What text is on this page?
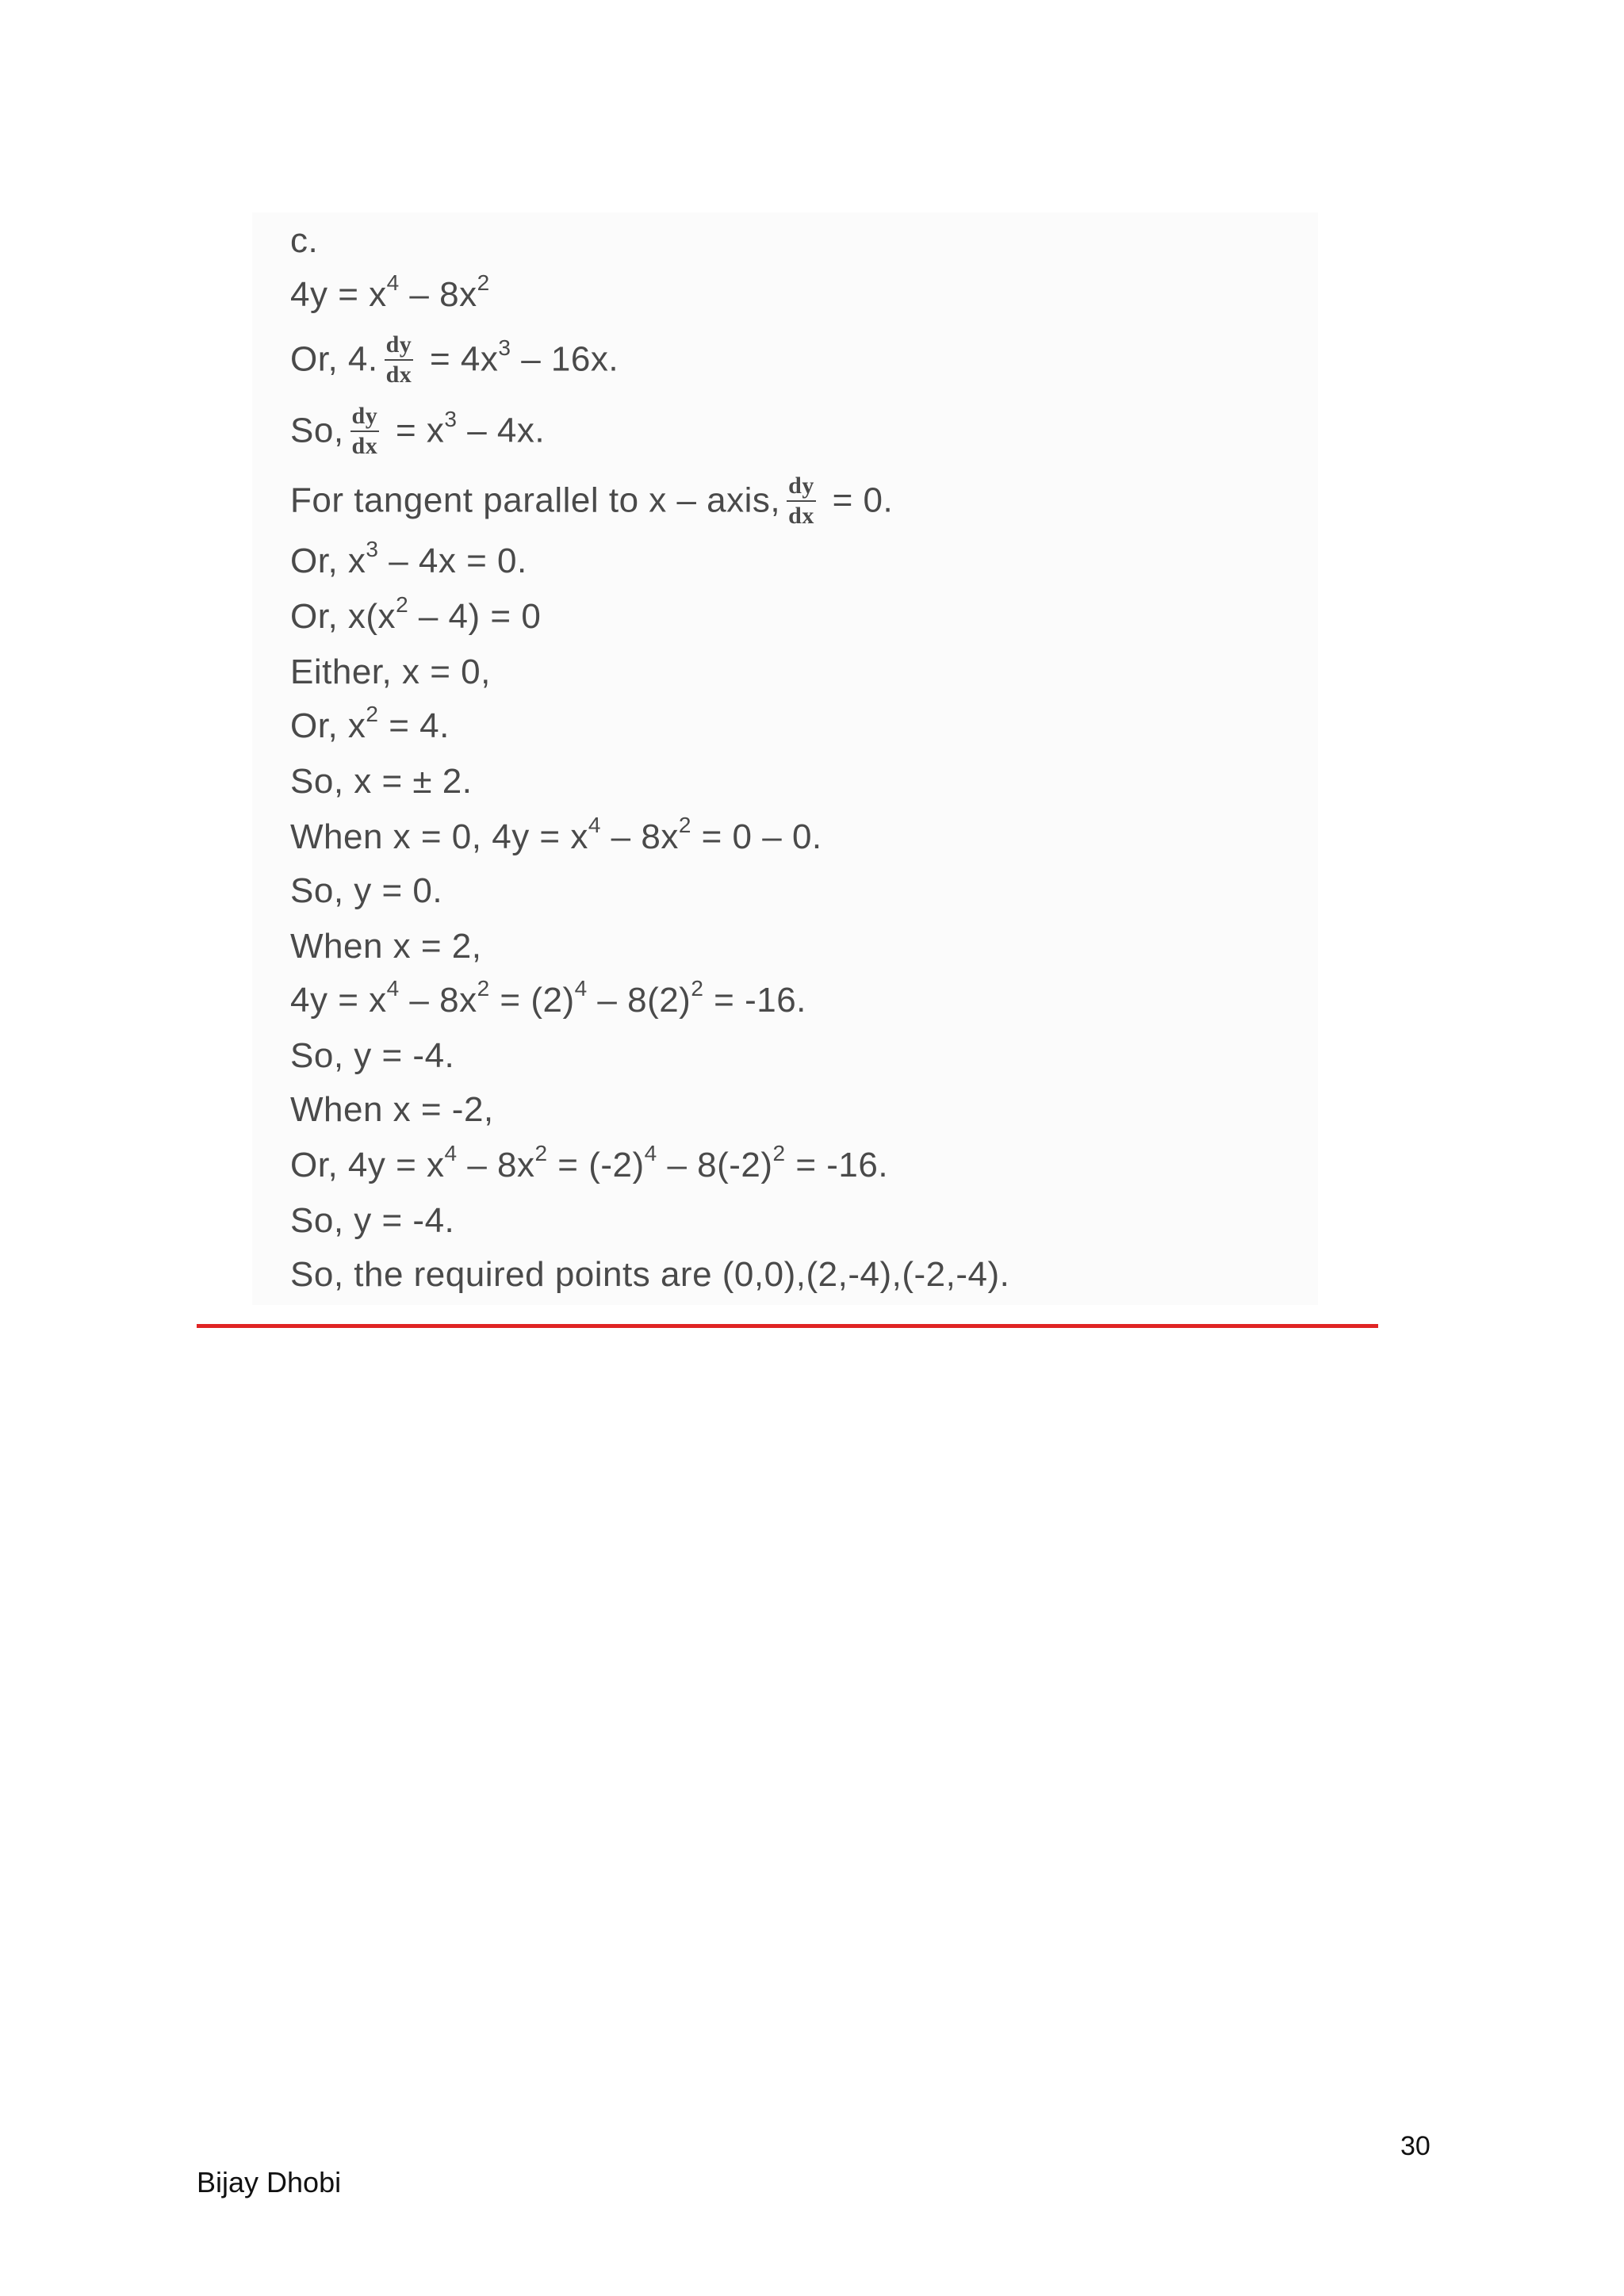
c.
$4y = x^4 - 8x^2$
Or, 4. $\frac{dy}{dx} = 4x^3 - 16x$.
So, $\frac{dy}{dx} = x^3 - 4x$.
For tangent parallel to x – axis, $\frac{dy}{dx} = 0$.
Or, $x^3 - 4x = 0$.
Or, $x(x^2 - 4) = 0$
Either, x = 0,
Or, $x^2 = 4$.
So, x = ± 2.
When x = 0, $4y = x^4 - 8x^2 = 0 - 0$.
So, y = 0.
When x = 2,
$4y = x^4 - 8x^2 = (2)^4 - 8(2)^2 = -16$.
So, y = -4.
When x = -2,
Or, $4y = x^4 - 8x^2 = (-2)^4 - 8(-2)^2 = -16$.
So, y = -4.
So, the required points are (0,0),(2,-4),(-2,-4).
30
Bijay Dhobi
